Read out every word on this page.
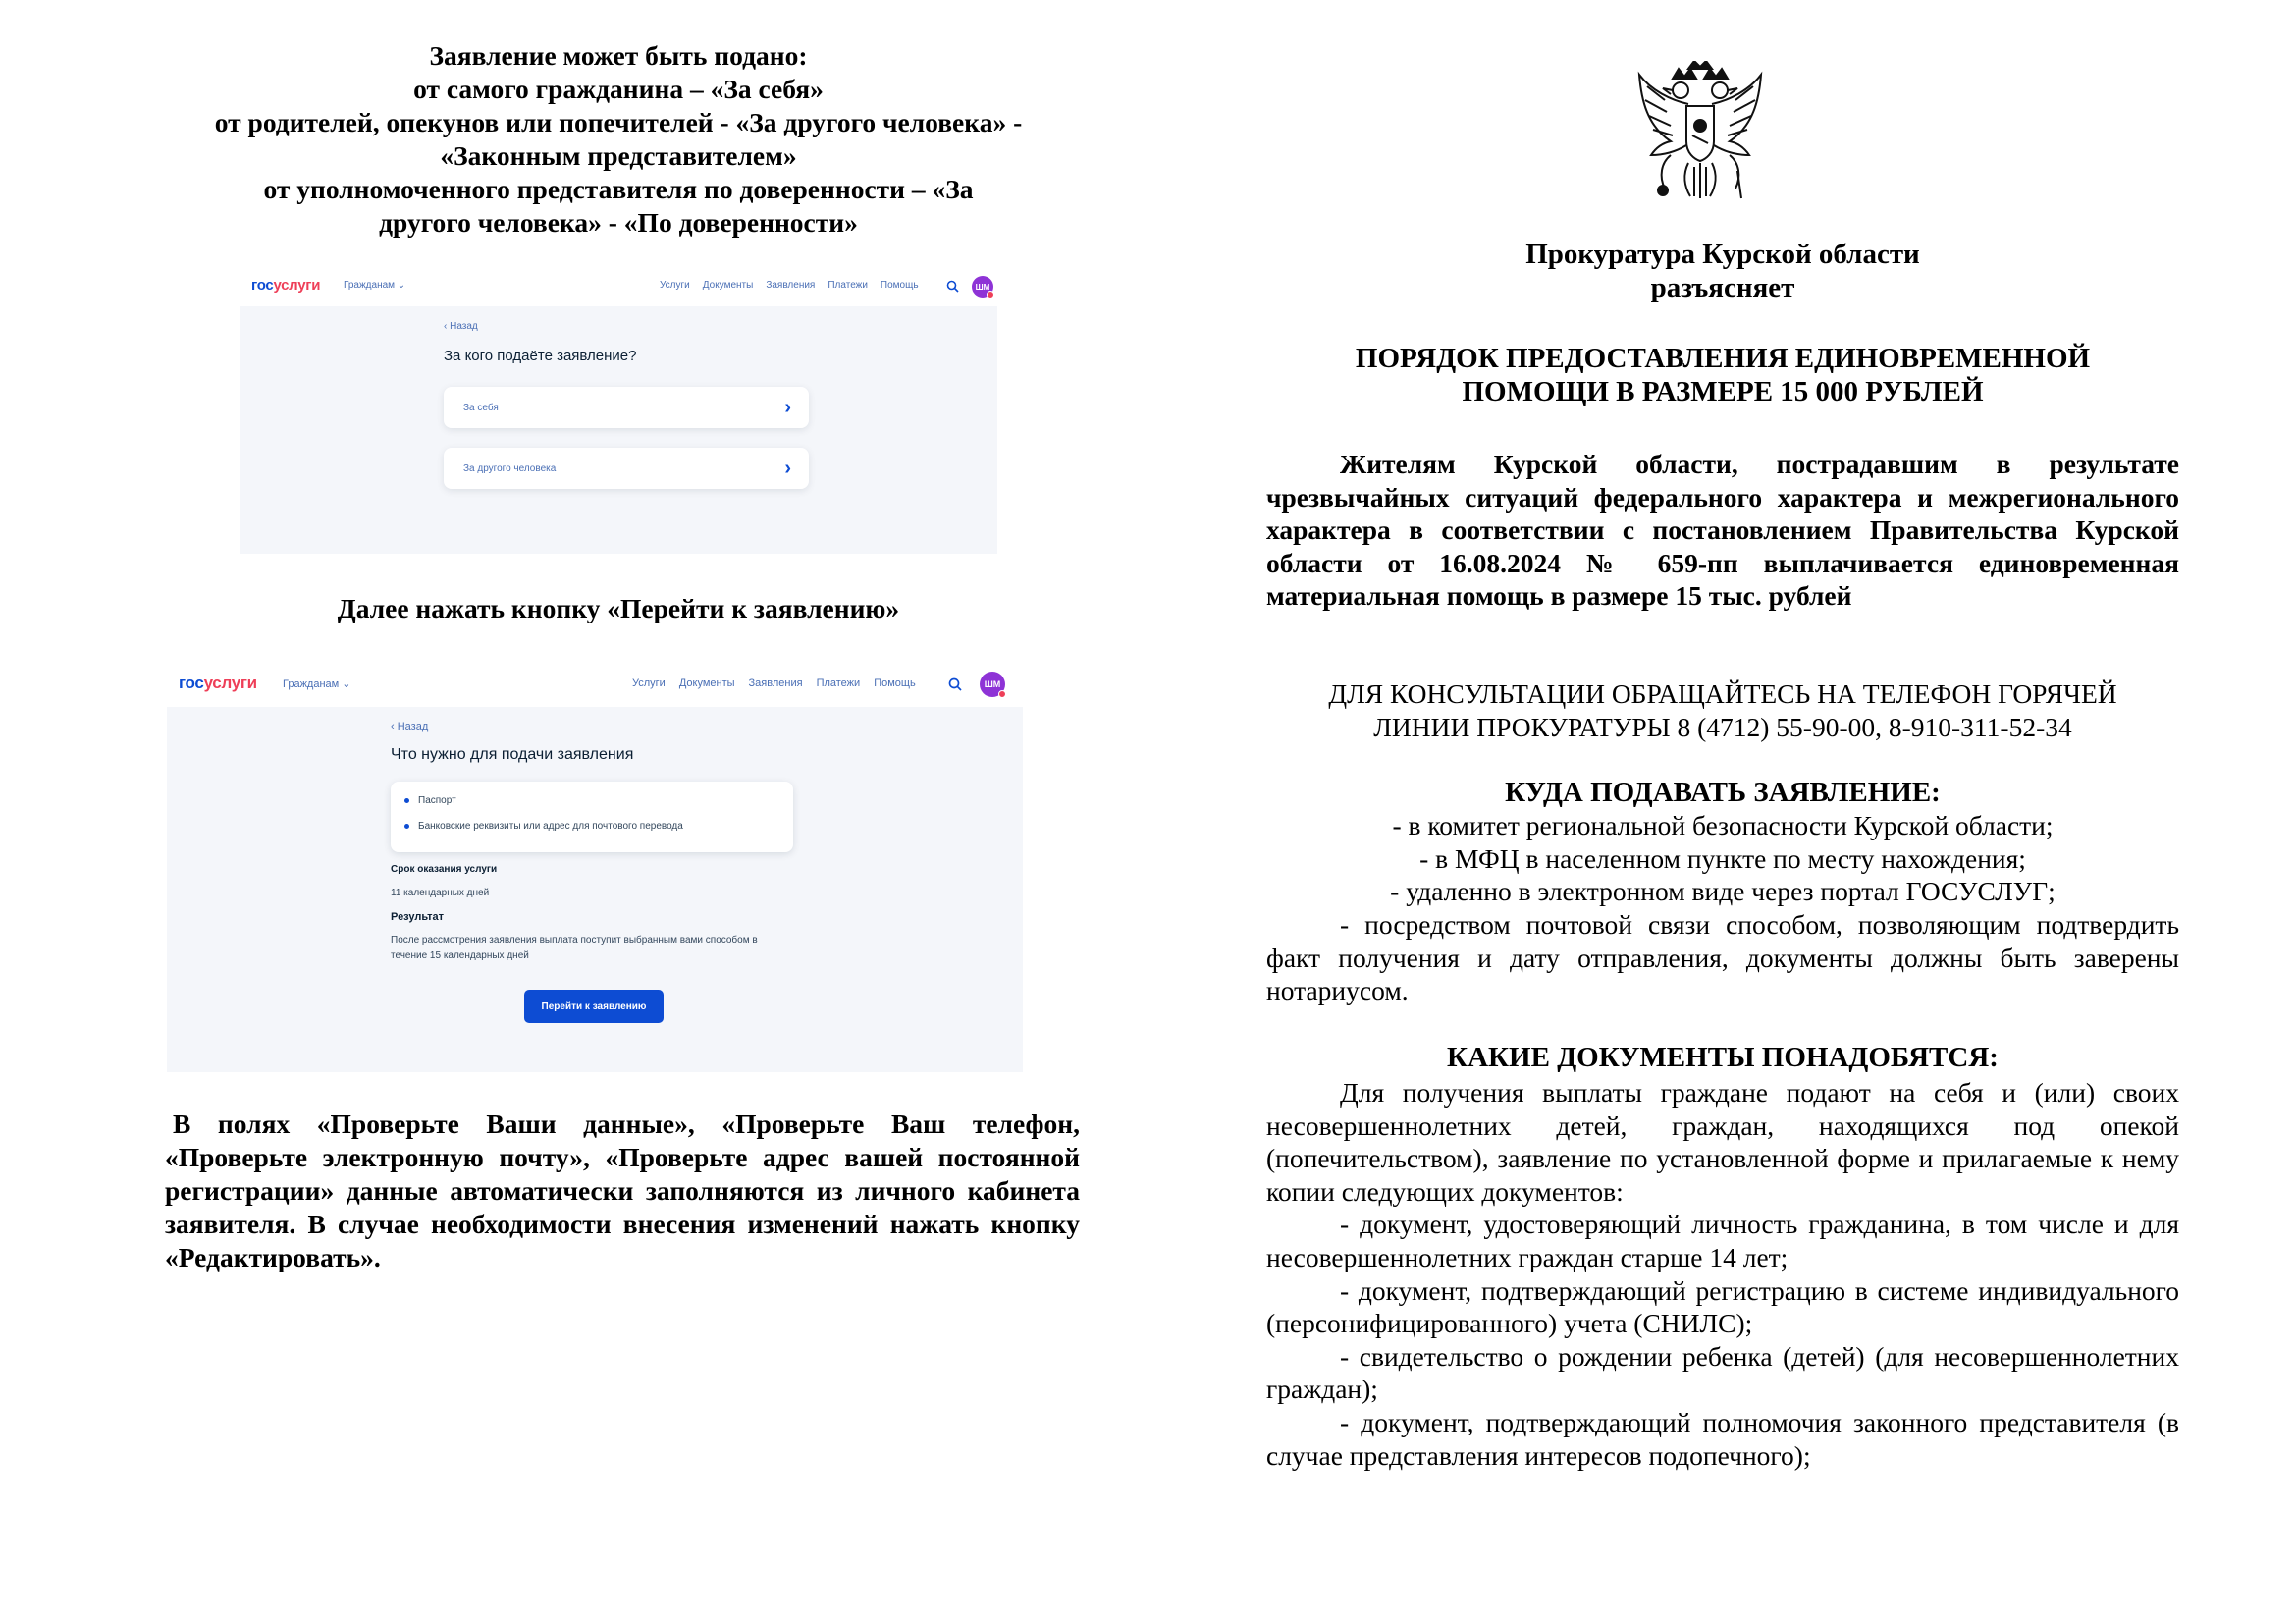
Заявление может быть подано:
от самого гражданина – «За себя»
от родителей, опекунов или попечителей - «За другого человека» -
«Законным представителем»
от уполномоченного представителя по доверенности – «За
другого человека» - «По доверенности»
госуслуги Гражданам ⌄	Услуги Документы Заявления Платежи Помощь	ШМ
‹ Назад
За кого подаёте заявление?
За себя	›
За другого человека	›
Далее нажать кнопку «Перейти к заявлению»
госуслуги Гражданам ⌄	Услуги Документы Заявления Платежи Помощь	ШМ
‹ Назад
Что нужно для подачи заявления
Паспорт
Банковские реквизиты или адрес для почтового перевода
Срок оказания услуги
11 календарных дней
Результат
После рассмотрения заявления выплата поступит выбранным вами способом в
течение 15 календарных дней
Перейти к заявлению
В полях «Проверьте Ваши данные», «Проверьте Ваш телефон, «Проверьте электронную почту», «Проверьте адрес вашей постоянной регистрации» данные автоматически заполняются из личного кабинета заявителя. В случае необходимости внесения изменений нажать кнопку «Редактировать».
Прокуратура Курской области
разъясняет
ПОРЯДОК ПРЕДОСТАВЛЕНИЯ ЕДИНОВРЕМЕННОЙ
ПОМОЩИ В РАЗМЕРЕ 15 000 РУБЛЕЙ
Жителям Курской области, пострадавшим в результате чрезвычайных ситуаций федерального характера и межрегионального характера в соответствии с постановлением Правительства Курской области от 16.08.2024 № 659-пп выплачивается единовременная материальная помощь в размере 15 тыс. рублей
ДЛЯ КОНСУЛЬТАЦИИ ОБРАЩАЙТЕСЬ НА ТЕЛЕФОН ГОРЯЧЕЙ
ЛИНИИ ПРОКУРАТУРЫ 8 (4712) 55-90-00, 8-910-311-52-34
КУДА ПОДАВАТЬ ЗАЯВЛЕНИЕ:
- в комитет региональной безопасности Курской области;
- в МФЦ в населенном пункте по месту нахождения;
- удаленно в электронном виде через портал ГОСУСЛУГ;
- посредством почтовой связи способом, позволяющим подтвердить факт получения и дату отправления, документы должны быть заверены нотариусом.
КАКИЕ ДОКУМЕНТЫ ПОНАДОБЯТСЯ:

Для получения выплаты граждане подают на себя и (или) своих несовершеннолетних детей, граждан, находящихся под опекой (попечительством), заявление по установленной форме и прилагаемые к нему копии следующих документов:

- документ, удостоверяющий личность гражданина, в том числе и для несовершеннолетних граждан старше 14 лет;

- документ, подтверждающий регистрацию в системе индивидуального (персонифицированного) учета (СНИЛС);

- свидетельство о рождении ребенка (детей) (для несовершеннолетних граждан);

- документ, подтверждающий полномочия законного представителя (в случае представления интересов подопечного);
